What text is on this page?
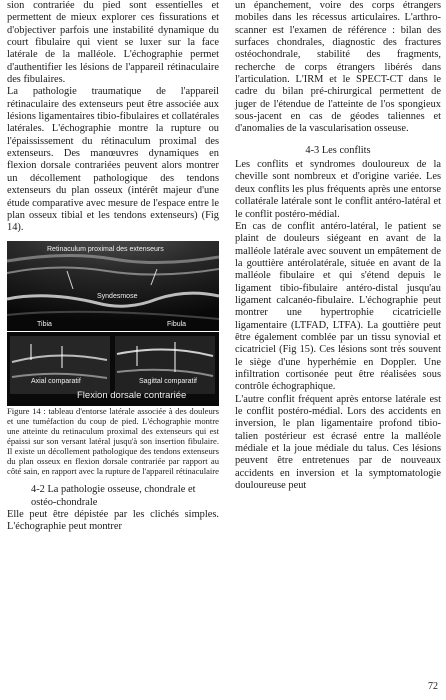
sion contrariée du pied sont essentielles et permettent de mieux explorer ces fissurations et d'objectiver parfois une instabilité dynamique du court fibulaire qui vient se luxer sur la face latérale de la malléole. L'échographie permet d'authentifier les lésions de l'appareil rétinaculaire des fibulaires.

La pathologie traumatique de l'appareil rétinaculaire des extenseurs peut être associée aux lésions ligamentaires tibio-fibulaires et collatérales latérales. L'échographie montre la rupture ou l'épaississement du rétinaculum proximal des extenseurs. Des manœuvres dynamiques en flexion dorsale contrariées peuvent alors montrer un décollement pathologique des tendons extenseurs du plan osseux (intérêt majeur d'une étude comparative avec mesure de l'espace entre le plan osseux tibial et les tendons extenseurs) (Fig 14).

Retinaculum proximal des extenseurs
Syndesmose
Tibia	Fibula
Axial comparatif	Sagittal comparatif
Flexion dorsale contrariée

Figure 14 : tableau d'entorse latérale associée à des douleurs et une tuméfaction du coup de pied. L'échographie montre une atteinte du retinaculum proximal des extenseurs qui est épaissi sur son versant latéral jusqu'à son insertion fibulaire. Il existe un décollement pathologique des tendons extenseurs du plan osseux en flexion dorsale contrariée par rapport au côté sain, en rapport avec la rupture de l'appareil rétinaculaire

4-2 La pathologie osseuse, chondrale et ostéo-chondrale

Elle peut être dépistée par les clichés simples. L'échographie peut montrer

un épanchement, voire des corps étrangers mobiles dans les récessus articulaires. L'arthro-scanner est l'examen de référence : bilan des surfaces chondrales, diagnostic des fractures ostéochondrale, stabilité des fragments, recherche de corps étrangers libérés dans l'articulation. L'IRM et le SPECT-CT dans le cadre du bilan pré-chirurgical permettent de juger de l'étendue de l'atteinte de l'os spongieux sous-jacent en cas de géodes taliennes et d'anomalies de la vascularisation osseuse.

4-3 Les conflits

Les conflits et syndromes douloureux de la cheville sont nombreux et d'origine variée. Les deux conflits les plus fréquents après une entorse collatérale latérale sont le conflit antéro-latéral et le conflit postéro-médial.

En cas de conflit antéro-latéral, le patient se plaint de douleurs siégeant en avant de la malléole latérale avec souvent un empâtement de la gouttière antérolatérale, située en avant de la malléole fibulaire et qui s'étend depuis le ligament tibio-fibulaire antéro-distal jusqu'au ligament calcanéo-fibulaire. L'échographie peut montrer une hypertrophie cicatricielle ligamentaire (LTFAD, LTFA). La gouttière peut être également comblée par un tissu synovial et cicatriciel (Fig 15). Ces lésions sont très souvent le siège d'une hyperhémie en Doppler. Une infiltration cortisonée peut être réalisées sous contrôle échographique.

L'autre conflit fréquent après entorse latérale est le conflit postéro-médial. Lors des accidents en inversion, le plan ligamentaire profond tibio-talien postérieur est écrasé entre la malléole médiale et la joue médiale du talus. Ces lésions peuvent être entretenues par de nouveaux accidents en inversion et la symptomatologie douloureuse peut

72
